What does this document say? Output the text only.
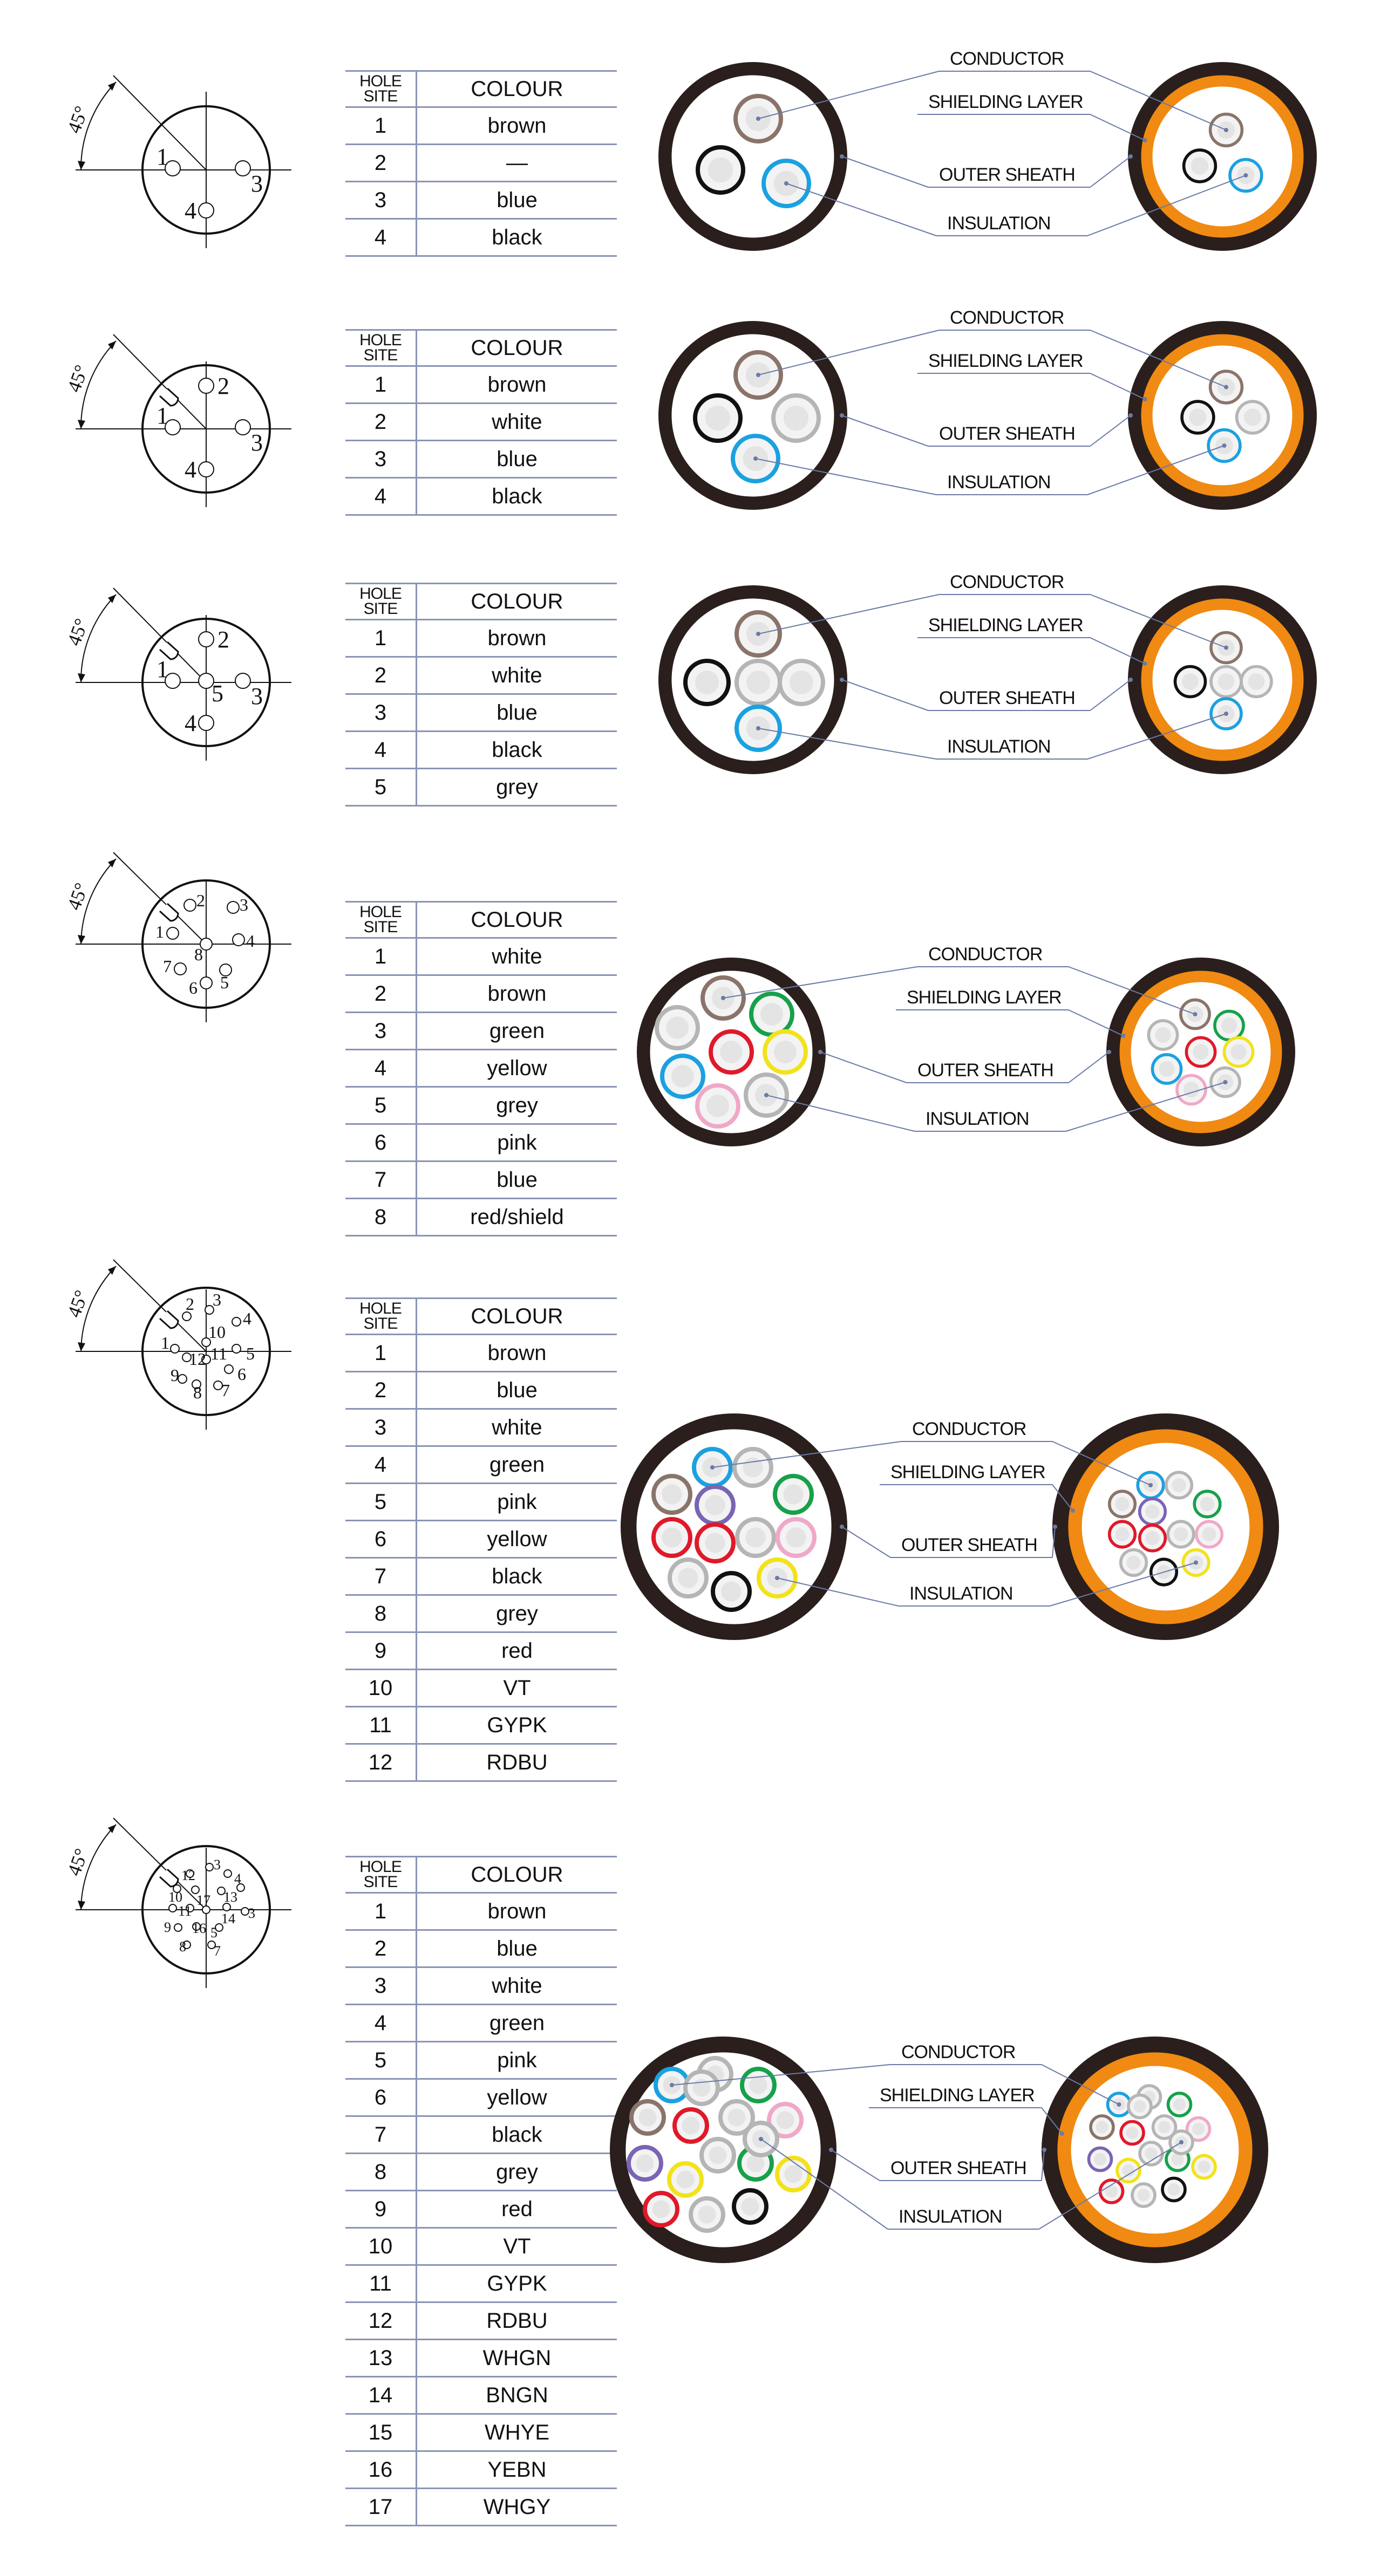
45°
1
3
4
HOLE SITE	COLOUR
1	brown
2	—
3	blue
4	black
CONDUCTOR
SHIELDING LAYER
OUTER SHEATH
INSULATION
45°	2
1
3
4
HOLE SITE	COLOUR
1	brown
2	white
3	blue
4	black
CONDUCTOR
SHIELDING LAYER
OUTER SHEATH
INSULATION
45°	2
1
5 3
4
HOLE SITE	COLOUR
1	brown
2	white
3	blue
4	black
5	grey
CONDUCTOR
SHIELDING LAYER
OUTER SHEATH
INSULATION
45°	2 3
1	4
8
7
6 5
HOLE SITE	COLOUR
1	white
2	brown
3	green
4	yellow
5	grey
6	pink
7	blue
8	red/shield
CONDUCTOR
SHIELDING LAYER
OUTER SHEATH
INSULATION
45°	2 3
4
1
10
5
12 11
6
9
8 7
HOLE SITE	COLOUR
1	brown
2	blue
3	white
4	green
5	pink
6	yellow
7	black
8	grey
9	red
10	VT
11	GYPK
12	RDBU
CONDUCTOR
SHIELDING LAYER
OUTER SHEATH
INSULATION
45°	12
3
4
10
11
17 13
3
9 16
14
5
8 7
HOLE SITE	COLOUR
1	brown
2	blue
3	white
4	green
5	pink
6	yellow
7	black
8	grey
9	red
10	VT
11	GYPK
12	RDBU
13	WHGN
14	BNGN
15	WHYE
16	YEBN
17	WHGY
CONDUCTOR
SHIELDING LAYER
OUTER SHEATH
INSULATION
